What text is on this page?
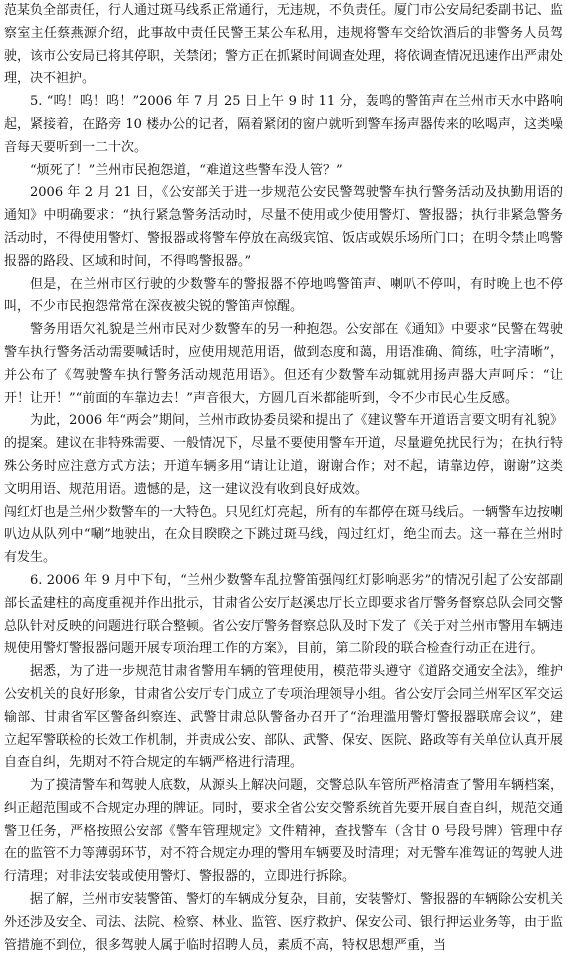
范某负全部责任，行人通过斑马线系正常通行，无违规，不负责任。厦门市公安局纪委副书记、监察室主任蔡燕源介绍，此事故中责任民警王某公车私用，违规将警车交给饮酒后的非警务人员驾驶，该市公安局已将其停职，关禁闭；警方正在抓紧时间调查处理，将依调查情况迅速作出严肃处理，决不袒护。

5. “呜！呜！呜！”2006 年 7 月 25 日上午 9 时 11 分，轰鸣的警笛声在兰州市天水中路响起，紧接着，在路旁 10 楼办公的记者，隔着紧闭的窗户就听到警车扬声器传来的吆喝声，这类噪音每天要听到一二十次。

“烦死了！”兰州市民抱怨道，“难道这些警车没人管？”

2006 年 2 月 21 日，《公安部关于进一步规范公安民警驾驶警车执行警务活动及执勤用语的通知》中明确要求：“执行紧急警务活动时，尽量不使用或少使用警灯、警报器；执行非紧急警务活动时，不得使用警灯、警报器或将警车停放在高级宾馆、饭店或娱乐场所门口；在明令禁止鸣警报器的路段、区域和时间，不得鸣警报器。”

但是，在兰州市区行驶的少数警车的警报器不停地鸣警笛声、喇叭不停叫，有时晚上也不停叫，不少市民抱怨常常在深夜被尖锐的警笛声惊醒。

警务用语欠礼貌是兰州市民对少数警车的另一种抱怨。公安部在《通知》中要求“民警在驾驶警车执行警务活动需要喊话时，应使用规范用语，做到态度和蔼，用语准确、简练，吐字清晰”，并公布了《驾驶警车执行警务活动规范用语》。但还有少数警车动辄就用扬声器大声呵斥：“让开！让开！”“前面的车靠边去！”声音很大，方圆几百米都能听到，令不少市民心生反感。

为此，2006 年“两会”期间，兰州市政协委员梁和提出了《建议警车开道语言要文明有礼貌》的提案。建议在非特殊需要、一般情况下，尽量不要使用警车开道，尽量避免扰民行为；在执行特殊公务时应注意方式方法；开道车辆多用“请让让道，谢谢合作；对不起，请靠边停，谢谢”这类文明用语、规范用语。遗憾的是，这一建议没有收到良好成效。

闯红灯也是兰州少数警车的一大特色。只见红灯亮起，所有的车都停在斑马线后。一辆警车边按喇叭边从队列中“唰”地驶出，在众目睽睽之下跳过斑马线，闯过红灯，绝尘而去。这一幕在兰州时有发生。

6. 2006 年 9 月中下旬，“兰州少数警车乱拉警笛强闯红灯影响恶劣”的情况引起了公安部副部长孟建柱的高度重视并作出批示，甘肃省公安厅赵溪忠厅长立即要求省厅警务督察总队会同交警总队针对反映的问题进行联合整顿。省公安厅警务督察总队及时下发了《关于对兰州市警用车辆违规使用警灯警报器问题开展专项治理工作的方案》，目前，第二阶段的联合检查行动正在进行。

据悉，为了进一步规范甘肃省警用车辆的管理使用，模范带头遵守《道路交通安全法》，维护公安机关的良好形象，甘肃省公安厅专门成立了专项治理领导小组。省公安厅会同兰州军区军交运输部、甘肃省军区警备纠察连、武警甘肃总队警备办召开了“治理滥用警灯警报器联席会议”，建立起军警联检的长效工作机制，并责成公安、部队、武警、保安、医院、路政等有关单位认真开展自查自纠，先期对不符合规定的车辆严格进行清理。

为了摸清警车和驾驶人底数，从源头上解决问题，交警总队车管所严格清查了警用车辆档案，纠正超范围或不合规定办理的牌证。同时，要求全省公安交警系统首先要开展自查自纠，规范交通警卫任务，严格按照公安部《警车管理规定》文件精神，查找警车（含甘 0 号段号牌）管理中存在的监管不力等薄弱环节，对不符合规定办理的警用车辆要及时清理；对无警车准驾证的驾驶人进行清理；对非法安装或使用警灯、警报器的，立即进行拆除。

据了解，兰州市安装警笛、警灯的车辆成分复杂，目前，安装警灯、警报器的车辆除公安机关外还涉及安全、司法、法院、检察、林业、监管、医疗救护、保安公司、银行押运业务等，由于监管措施不到位，很多驾驶人属于临时招聘人员，素质不高，特权思想严重，当
